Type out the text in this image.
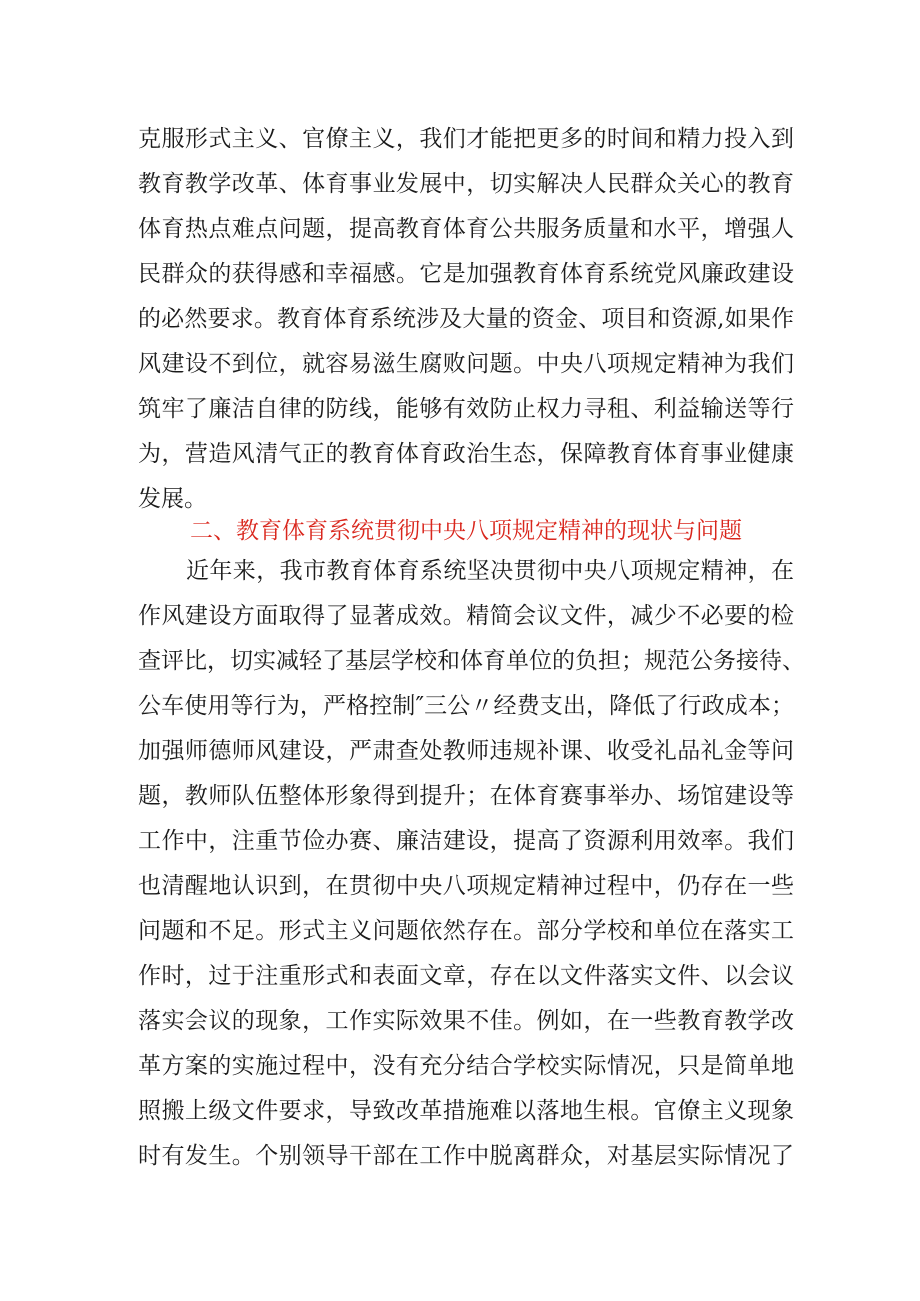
克服形式主义、官僚主义，我们才能把更多的时间和精力投入到
教育教学改革、体育事业发展中，切实解决人民群众关心的教育
体育热点难点问题，提高教育体育公共服务质量和水平，增强人
民群众的获得感和幸福感。它是加强教育体育系统党风廉政建设
的必然要求。教育体育系统涉及大量的资金、项目和资源,如果作
风建设不到位，就容易滋生腐败问题。中央八项规定精神为我们
筑牢了廉洁自律的防线，能够有效防止权力寻租、利益输送等行
为，营造风清气正的教育体育政治生态，保障教育体育事业健康
发展。
二、教育体育系统贯彻中央八项规定精神的现状与问题
近年来，我市教育体育系统坚决贯彻中央八项规定精神，在
作风建设方面取得了显著成效。精简会议文件，减少不必要的检
查评比，切实减轻了基层学校和体育单位的负担；规范公务接待、
公车使用等行为，严格控制″三公〃经费支出，降低了行政成本；
加强师德师风建设，严肃查处教师违规补课、收受礼品礼金等问
题，教师队伍整体形象得到提升；在体育赛事举办、场馆建设等
工作中，注重节俭办赛、廉洁建设，提高了资源利用效率。我们
也清醒地认识到，在贯彻中央八项规定精神过程中，仍存在一些
问题和不足。形式主义问题依然存在。部分学校和单位在落实工
作时，过于注重形式和表面文章，存在以文件落实文件、以会议
落实会议的现象，工作实际效果不佳。例如，在一些教育教学改
革方案的实施过程中，没有充分结合学校实际情况，只是简单地
照搬上级文件要求，导致改革措施难以落地生根。官僚主义现象
时有发生。个别领导干部在工作中脱离群众，对基层实际情况了
